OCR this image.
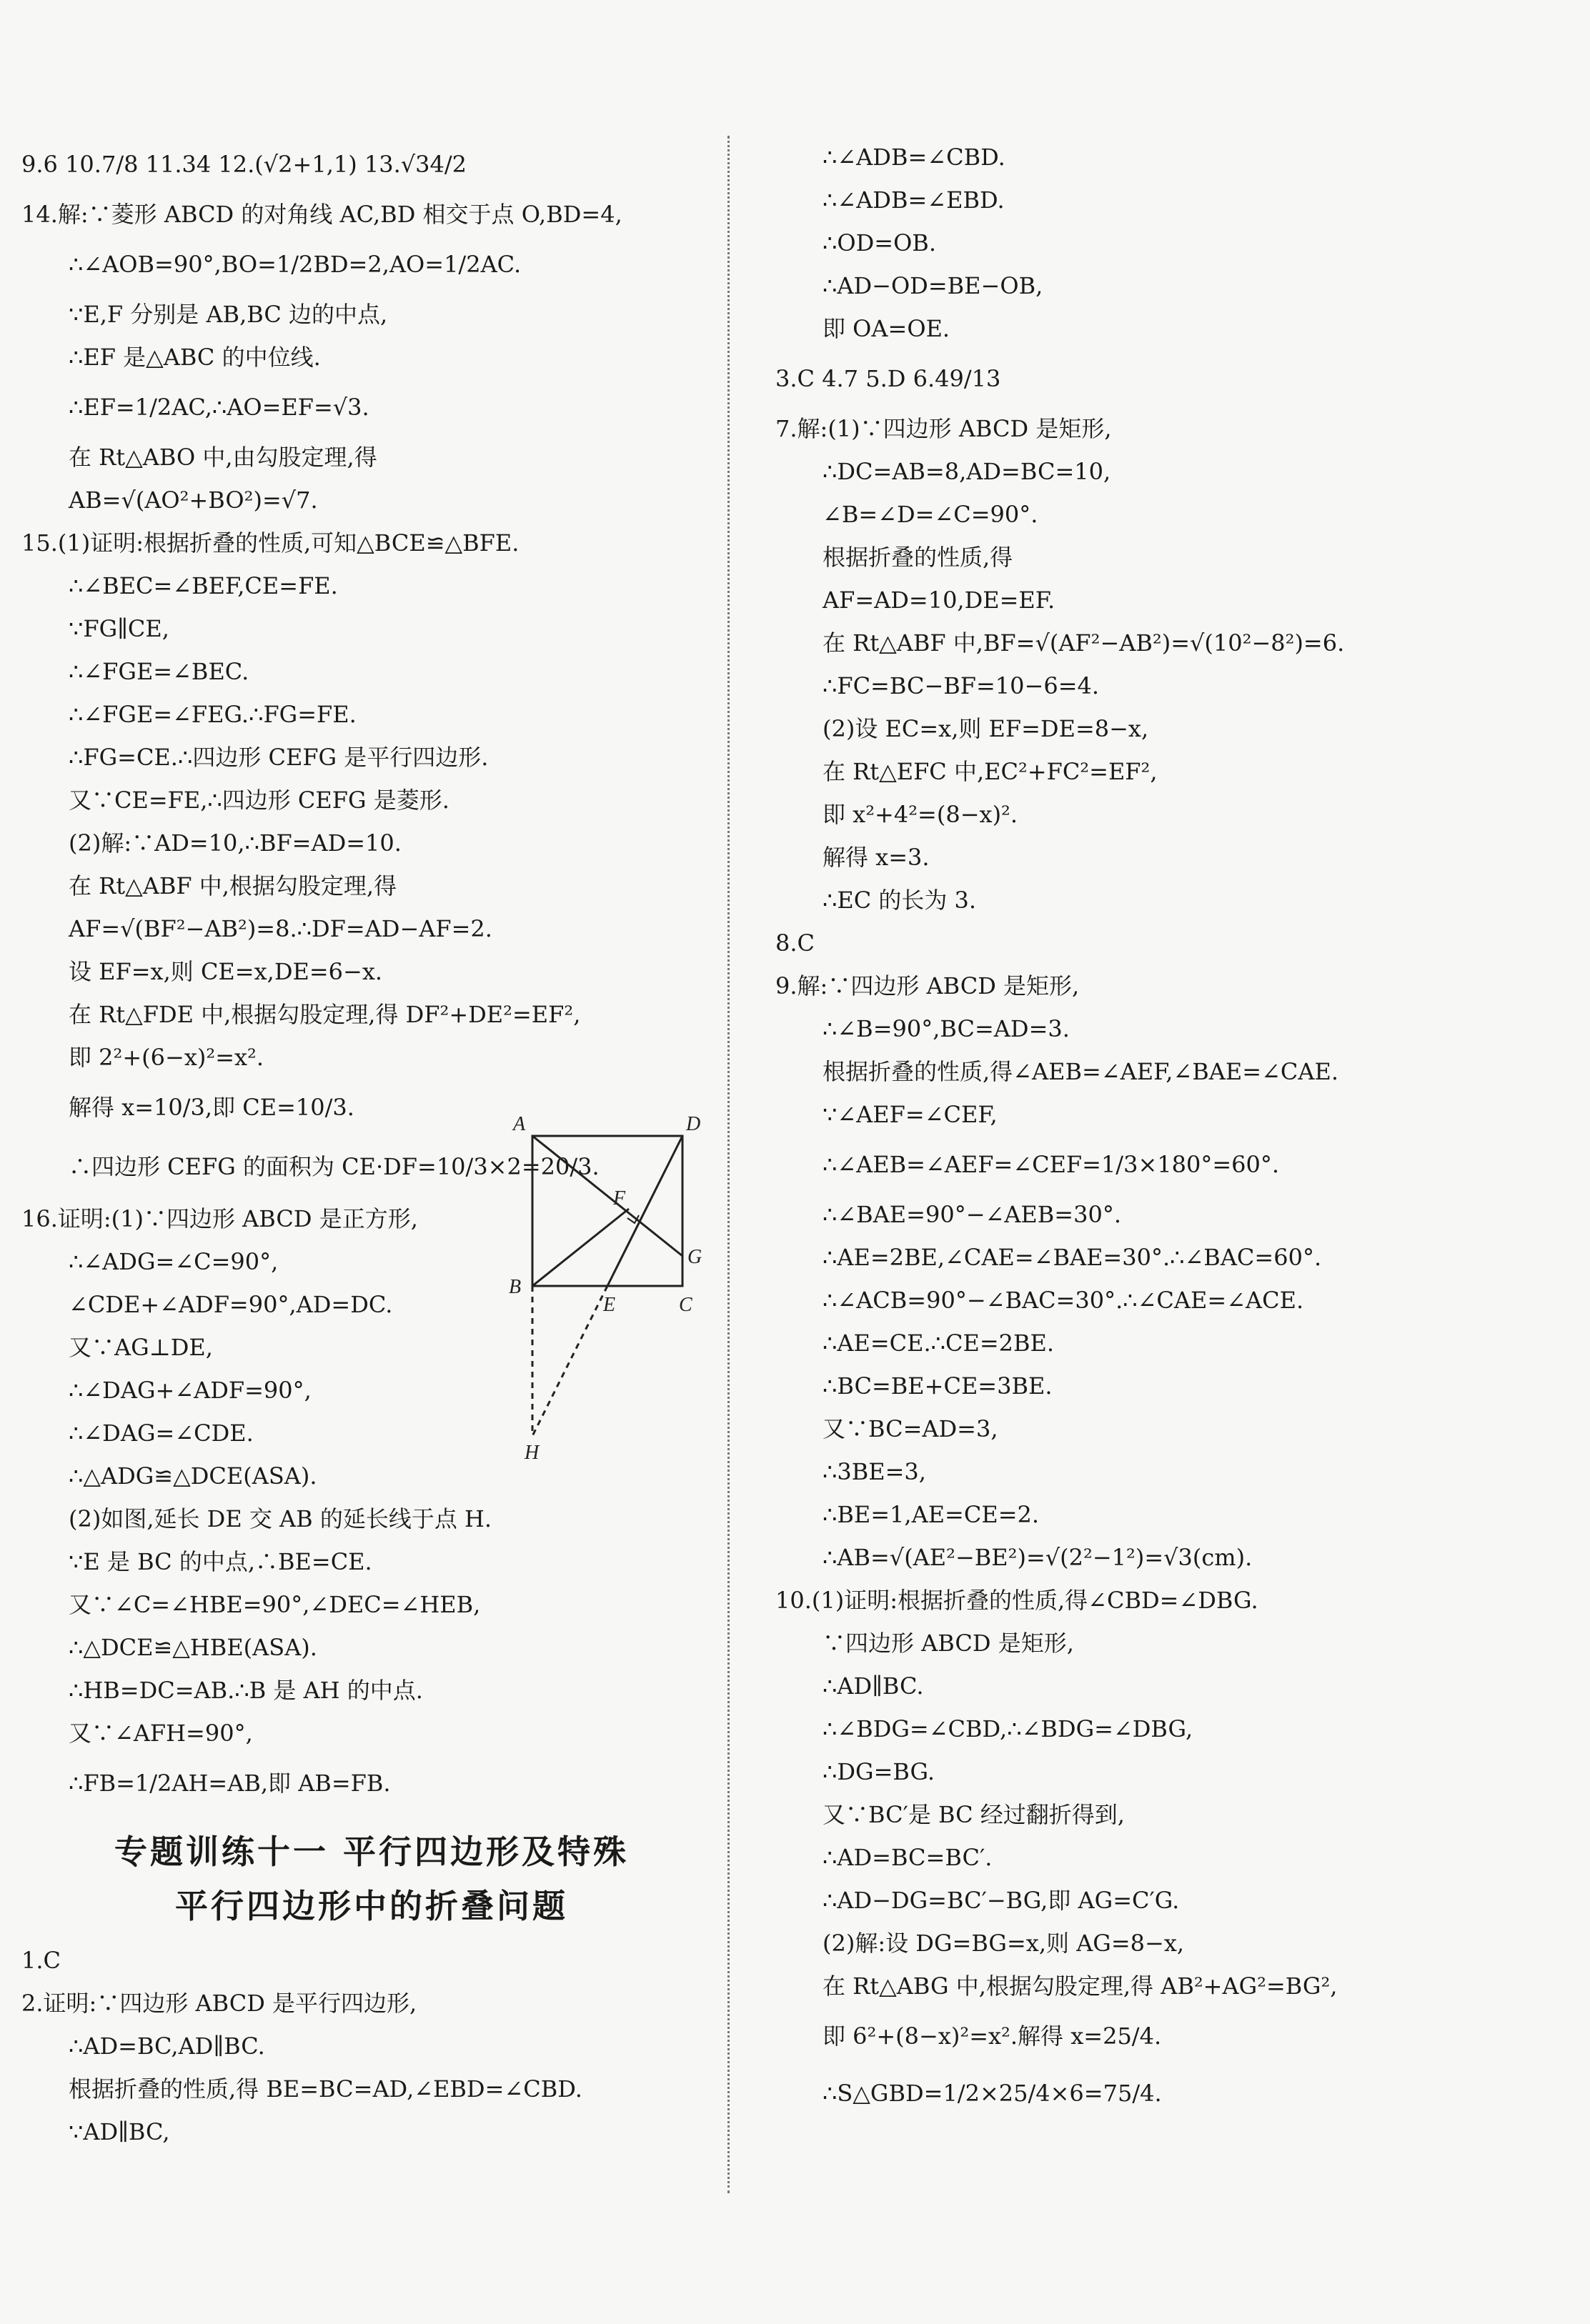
9.6 10.7/8 11.34 12.(√2+1,1) 13.√34/2
14.解:∵菱形 ABCD 的对角线 AC,BD 相交于点 O,BD=4,
∴∠AOB=90°,BO=1/2BD=2,AO=1/2AC.
∵E,F 分别是 AB,BC 边的中点,
∴EF 是△ABC 的中位线.
∴EF=1/2AC,∴AO=EF=√3.
在 Rt△ABO 中,由勾股定理,得
AB=√(AO²+BO²)=√7.
15.(1)证明:根据折叠的性质,可知△BCE≌△BFE.
∴∠BEC=∠BEF,CE=FE.
∵FG∥CE,
∴∠FGE=∠BEC.
∴∠FGE=∠FEG.∴FG=FE.
∴FG=CE.∴四边形 CEFG 是平行四边形.
又∵CE=FE,∴四边形 CEFG 是菱形.
(2)解:∵AD=10,∴BF=AD=10.
在 Rt△ABF 中,根据勾股定理,得
AF=√(BF²−AB²)=8.∴DF=AD−AF=2.
设 EF=x,则 CE=x,DE=6−x.
在 Rt△FDE 中,根据勾股定理,得 DF²+DE²=EF²,
即 2²+(6−x)²=x².
解得 x=10/3,即 CE=10/3.
∴四边形 CEFG 的面积为 CE·DF=10/3×2=20/3.
16.证明:(1)∵四边形 ABCD 是正方形,
∴∠ADG=∠C=90°,
∠CDE+∠ADF=90°,AD=DC.
又∵AG⊥DE,
∴∠DAG+∠ADF=90°,
∴∠DAG=∠CDE.
∴△ADG≌△DCE(ASA).
(2)如图,延长 DE 交 AB 的延长线于点 H.
∵E 是 BC 的中点,∴BE=CE.
又∵∠C=∠HBE=90°,∠DEC=∠HEB,
∴△DCE≌△HBE(ASA).
∴HB=DC=AB.∴B 是 AH 的中点.
又∵∠AFH=90°,
∴FB=1/2AH=AB,即 AB=FB.
专题训练十一 平行四边形及特殊
平行四边形中的折叠问题
1.C
2.证明:∵四边形 ABCD 是平行四边形,
∴AD=BC,AD∥BC.
根据折叠的性质,得 BE=BC=AD,∠EBD=∠CBD.
∵AD∥BC,
∴∠ADB=∠CBD.
∴∠ADB=∠EBD.
∴OD=OB.
∴AD−OD=BE−OB,
即 OA=OE.
3.C 4.7 5.D 6.49/13
7.解:(1)∵四边形 ABCD 是矩形,
∴DC=AB=8,AD=BC=10,
∠B=∠D=∠C=90°.
根据折叠的性质,得
AF=AD=10,DE=EF.
在 Rt△ABF 中,BF=√(AF²−AB²)=√(10²−8²)=6.
∴FC=BC−BF=10−6=4.
(2)设 EC=x,则 EF=DE=8−x,
在 Rt△EFC 中,EC²+FC²=EF²,
即 x²+4²=(8−x)².
解得 x=3.
∴EC 的长为 3.
8.C
9.解:∵四边形 ABCD 是矩形,
∴∠B=90°,BC=AD=3.
根据折叠的性质,得∠AEB=∠AEF,∠BAE=∠CAE.
∵∠AEF=∠CEF,
∴∠AEB=∠AEF=∠CEF=1/3×180°=60°.
∴∠BAE=90°−∠AEB=30°.
∴AE=2BE,∠CAE=∠BAE=30°.∴∠BAC=60°.
∴∠ACB=90°−∠BAC=30°.∴∠CAE=∠ACE.
∴AE=CE.∴CE=2BE.
∴BC=BE+CE=3BE.
又∵BC=AD=3,
∴3BE=3,
∴BE=1,AE=CE=2.
∴AB=√(AE²−BE²)=√(2²−1²)=√3(cm).
10.(1)证明:根据折叠的性质,得∠CBD=∠DBG.
∵四边形 ABCD 是矩形,
∴AD∥BC.
∴∠BDG=∠CBD,∴∠BDG=∠DBG,
∴DG=BG.
又∵BC′是 BC 经过翻折得到,
∴AD=BC=BC′.
∴AD−DG=BC′−BG,即 AG=C′G.
(2)解:设 DG=BG=x,则 AG=8−x,
在 Rt△ABG 中,根据勾股定理,得 AB²+AG²=BG²,
即 6²+(8−x)²=x².解得 x=25/4.
∴S△GBD=1/2×25/4×6=75/4.
A	D
F
G
B
E	C
H
